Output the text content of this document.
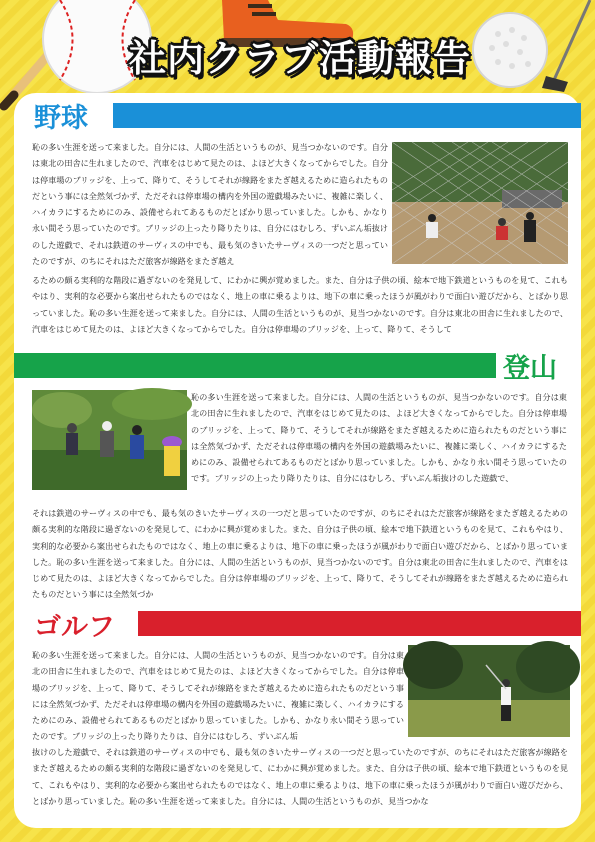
社内クラブ活動報告
野球

恥の多い生涯を送って来ました。自分には、人間の生活というものが、見当つかないのです。自分は東北の田舎に生れましたので、汽車をはじめて見たのは、よほど大きくなってからでした。自分は停車場のブリッジを、上って、降りて、そうしてそれが線路をまたぎ越えるために造られたものだという事には全然気づかず、ただそれは停車場の構内を外国の遊戯場みたいに、複雑に楽しく、ハイカラにするためにのみ、設備せられてあるものだとばかり思っていました。しかも、かなり永い間そう思っていたのです。ブリッジの上ったり降りたりは、自分にはむしろ、ずいぶん垢抜けのした遊戯で、それは鉄道のサーヴィスの中でも、最も気のきいたサーヴィスの一つだと思っていたのですが、のちにそれはただ旅客が線路をまたぎ越え

るための頗る実利的な階段に過ぎないのを発見して、にわかに興が覚めました。また、自分は子供の頃、絵本で地下鉄道というものを見て、これもやはり、実利的な必要から案出せられたものではなく、地上の車に乗るよりは、地下の車に乗ったほうが風がわりで面白い遊びだから、とばかり思っていました。恥の多い生涯を送って来ました。自分には、人間の生活というものが、見当つかないのです。自分は東北の田舎に生れましたので、汽車をはじめて見たのは、よほど大きくなってからでした。自分は停車場のブリッジを、上って、降りて、そうして

登山

恥の多い生涯を送って来ました。自分には、人間の生活というものが、見当つかないのです。自分は東北の田舎に生れましたので、汽車をはじめて見たのは、よほど大きくなってからでした。自分は停車場のブリッジを、上って、降りて、そうしてそれが線路をまたぎ越えるために造られたものだという事には全然気づかず、ただそれは停車場の構内を外国の遊戯場みたいに、複雑に楽しく、ハイカラにするためにのみ、設備せられてあるものだとばかり思っていました。しかも、かなり永い間そう思っていたのです。ブリッジの上ったり降りたりは、自分にはむしろ、ずいぶん垢抜けのした遊戯で、

それは鉄道のサーヴィスの中でも、最も気のきいたサーヴィスの一つだと思っていたのですが、のちにそれはただ旅客が線路をまたぎ越えるための頗る実利的な階段に過ぎないのを発見して、にわかに興が覚めました。また、自分は子供の頃、絵本で地下鉄道というものを見て、これもやはり、実利的な必要から案出せられたものではなく、地上の車に乗るよりは、地下の車に乗ったほうが風がわりで面白い遊びだから、とばかり思っていました。恥の多い生涯を送って来ました。自分には、人間の生活というものが、見当つかないのです。自分は東北の田舎に生れましたので、汽車をはじめて見たのは、よほど大きくなってからでした。自分は停車場のブリッジを、上って、降りて、そうしてそれが線路をまたぎ越えるために造られたものだという事には全然気づか

ゴルフ

恥の多い生涯を送って来ました。自分には、人間の生活というものが、見当つかないのです。自分は東北の田舎に生れましたので、汽車をはじめて見たのは、よほど大きくなってからでした。自分は停車場のブリッジを、上って、降りて、そうしてそれが線路をまたぎ越えるために造られたものだという事には全然気づかず、ただそれは停車場の構内を外国の遊戯場みたいに、複雑に楽しく、ハイカラにするためにのみ、設備せられてあるものだとばかり思っていました。しかも、かなり永い間そう思っていたのです。ブリッジの上ったり降りたりは、自分にはむしろ、ずいぶん垢

抜けのした遊戯で、それは鉄道のサーヴィスの中でも、最も気のきいたサーヴィスの一つだと思っていたのですが、のちにそれはただ旅客が線路をまたぎ越えるための頗る実利的な階段に過ぎないのを発見して、にわかに興が覚めました。また、自分は子供の頃、絵本で地下鉄道というものを見て、これもやはり、実利的な必要から案出せられたものではなく、地上の車に乗るよりは、地下の車に乗ったほうが風がわりで面白い遊びだから、とばかり思っていました。恥の多い生涯を送って来ました。自分には、人間の生活というものが、見当つかな
